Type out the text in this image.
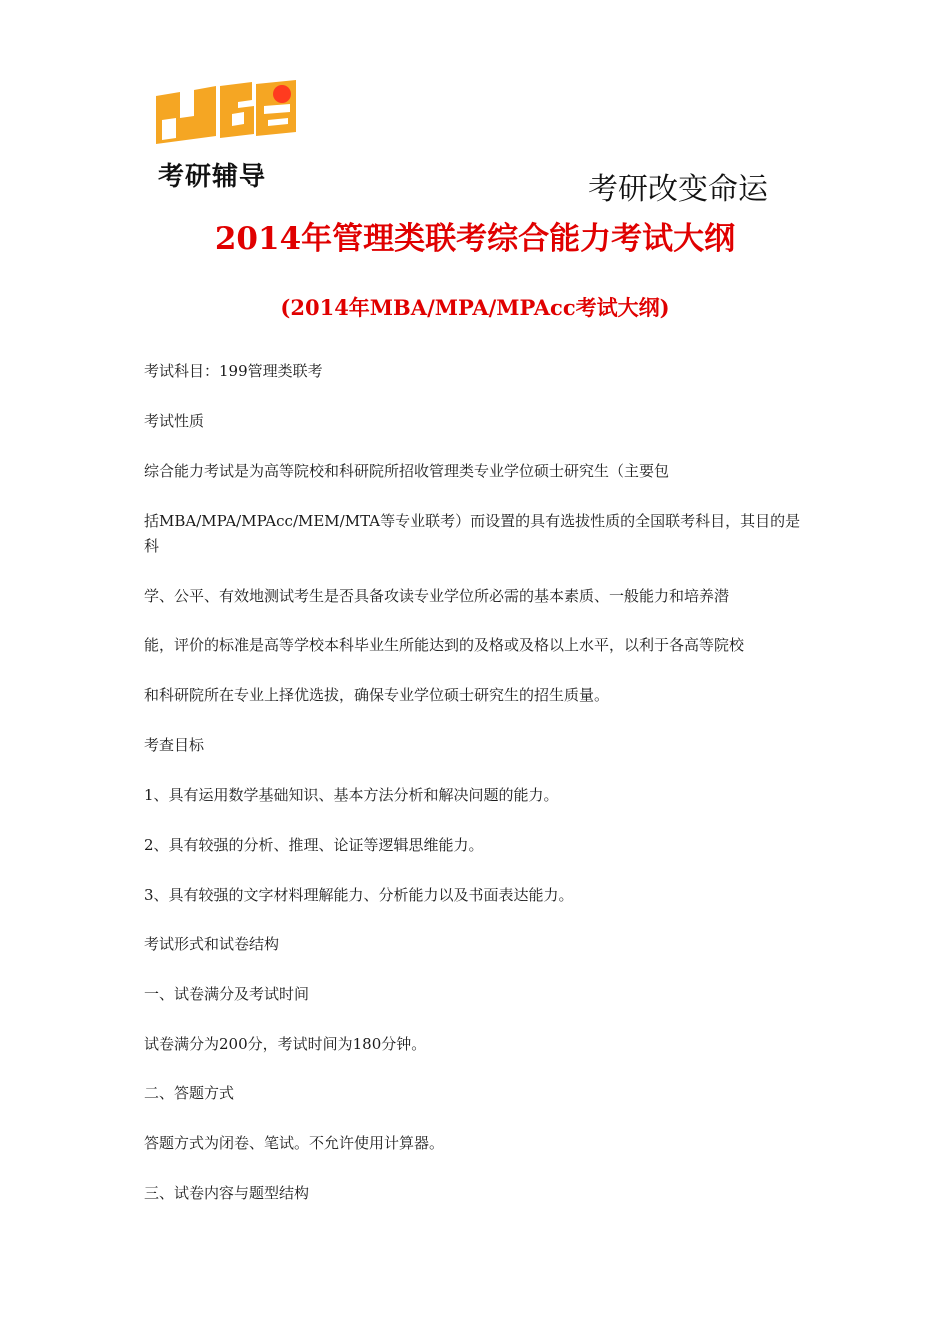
凯程
考研辅导	考研改变命运
2014年管理类联考综合能力考试大纲
(2014年MBA/MPA/MPAcc考试大纲)
考试科目：199管理类联考
考试性质
综合能力考试是为高等院校和科研院所招收管理类专业学位硕士研究生（主要包
括MBA/MPA/MPAcc/MEM/MTA等专业联考）而设置的具有选拔性质的全国联考科目，其目的是
科
学、公平、有效地测试考生是否具备攻读专业学位所必需的基本素质、一般能力和培养潜
能，评价的标准是高等学校本科毕业生所能达到的及格或及格以上水平，以利于各高等院校
和科研院所在专业上择优选拔，确保专业学位硕士研究生的招生质量。
考查目标
1、具有运用数学基础知识、基本方法分析和解决问题的能力。
2、具有较强的分析、推理、论证等逻辑思维能力。
3、具有较强的文字材料理解能力、分析能力以及书面表达能力。
考试形式和试卷结构
一、试卷满分及考试时间
试卷满分为200分，考试时间为180分钟。
二、答题方式
答题方式为闭卷、笔试。不允许使用计算器。
三、试卷内容与题型结构
